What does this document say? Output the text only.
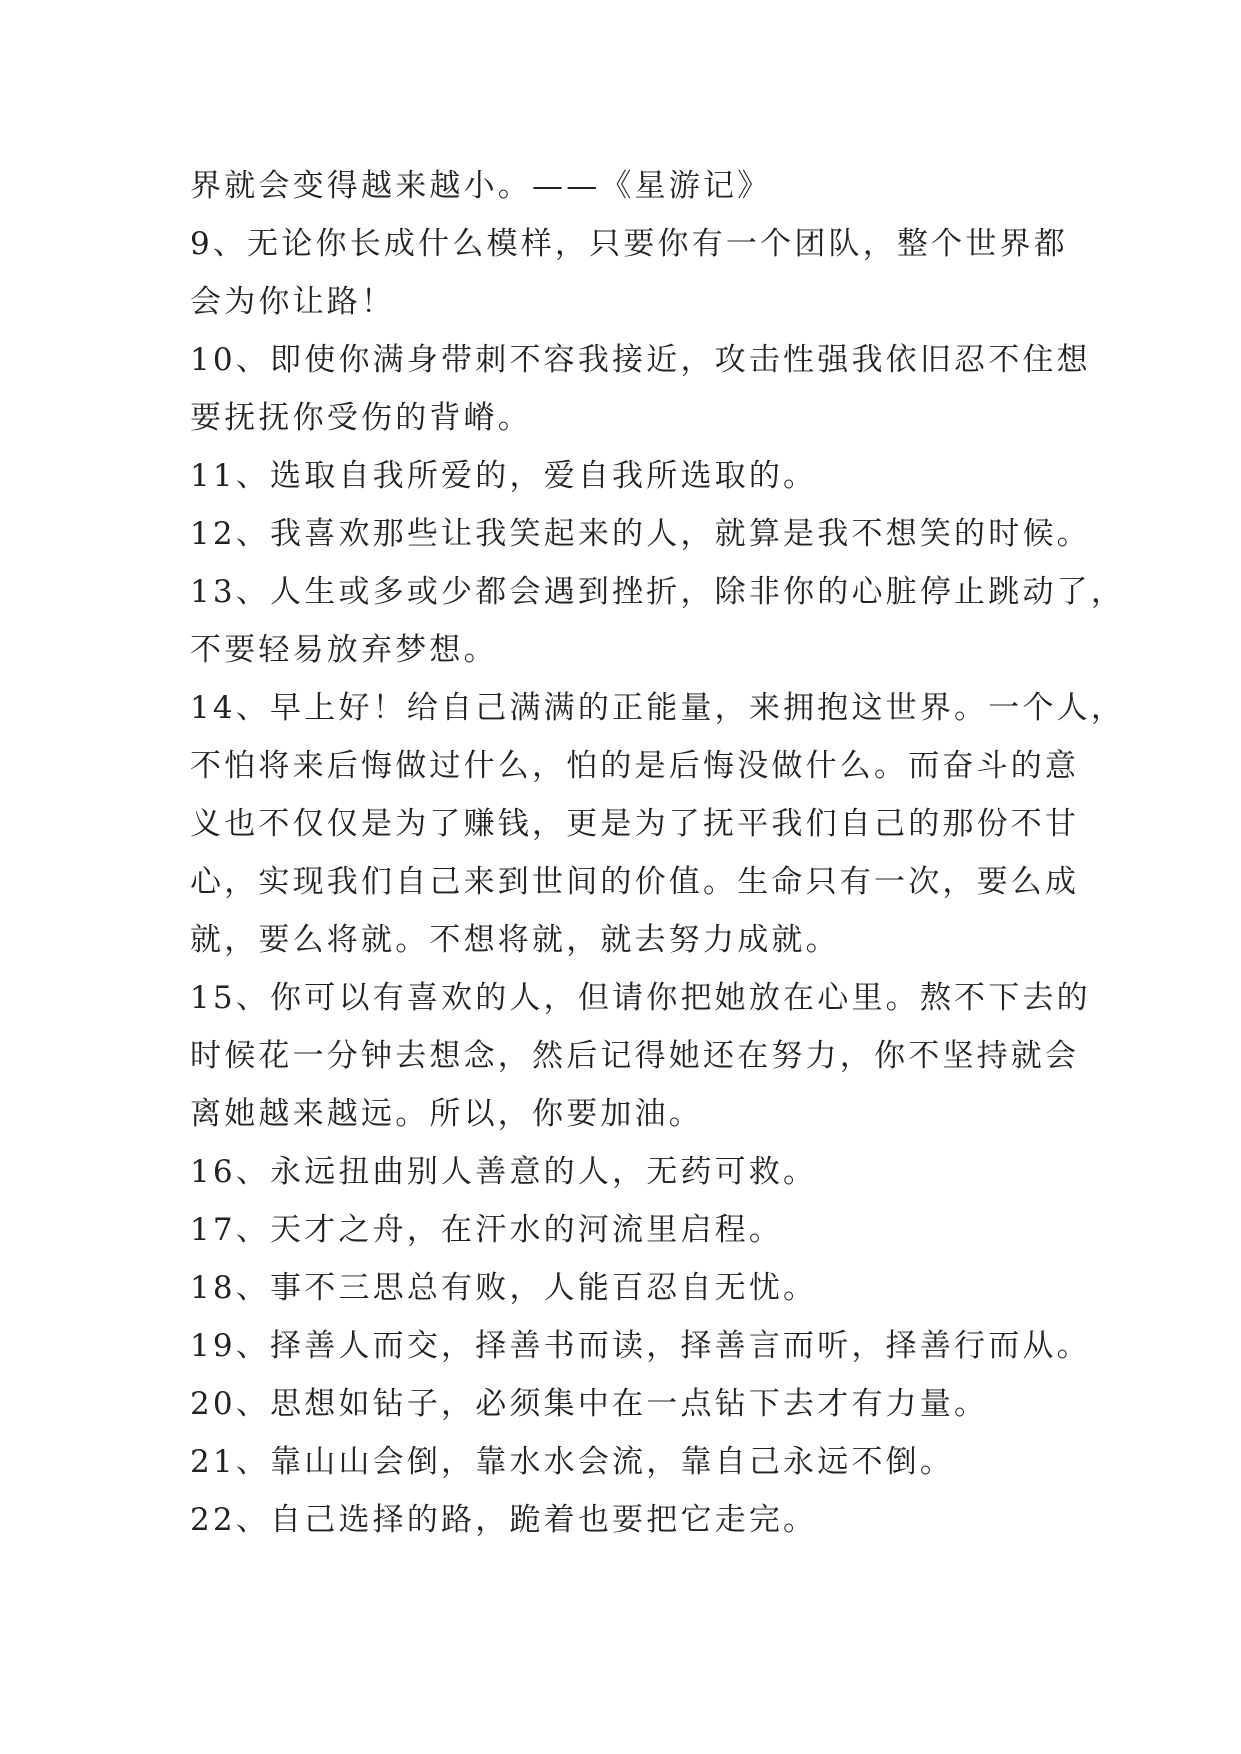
界就会变得越来越小。——《星游记》

9、无论你长成什么模样，只要你有一个团队，整个世界都

会为你让路！

10、即使你满身带刺不容我接近，攻击性强我依旧忍不住想

要抚抚你受伤的背嵴。

11、选取自我所爱的，爱自我所选取的。

12、我喜欢那些让我笑起来的人，就算是我不想笑的时候。

13、人生或多或少都会遇到挫折，除非你的心脏停止跳动了，

不要轻易放弃梦想。

14、早上好！给自己满满的正能量，来拥抱这世界。一个人，

不怕将来后悔做过什么，怕的是后悔没做什么。而奋斗的意

义也不仅仅是为了赚钱，更是为了抚平我们自己的那份不甘

心，实现我们自己来到世间的价值。生命只有一次，要么成

就，要么将就。不想将就，就去努力成就。

15、你可以有喜欢的人，但请你把她放在心里。熬不下去的

时候花一分钟去想念，然后记得她还在努力，你不坚持就会

离她越来越远。所以，你要加油。

16、永远扭曲别人善意的人，无药可救。

17、天才之舟，在汗水的河流里启程。

18、事不三思总有败，人能百忍自无忧。

19、择善人而交，择善书而读，择善言而听，择善行而从。

20、思想如钻子，必须集中在一点钻下去才有力量。

21、靠山山会倒，靠水水会流，靠自己永远不倒。

22、自己选择的路，跪着也要把它走完。
